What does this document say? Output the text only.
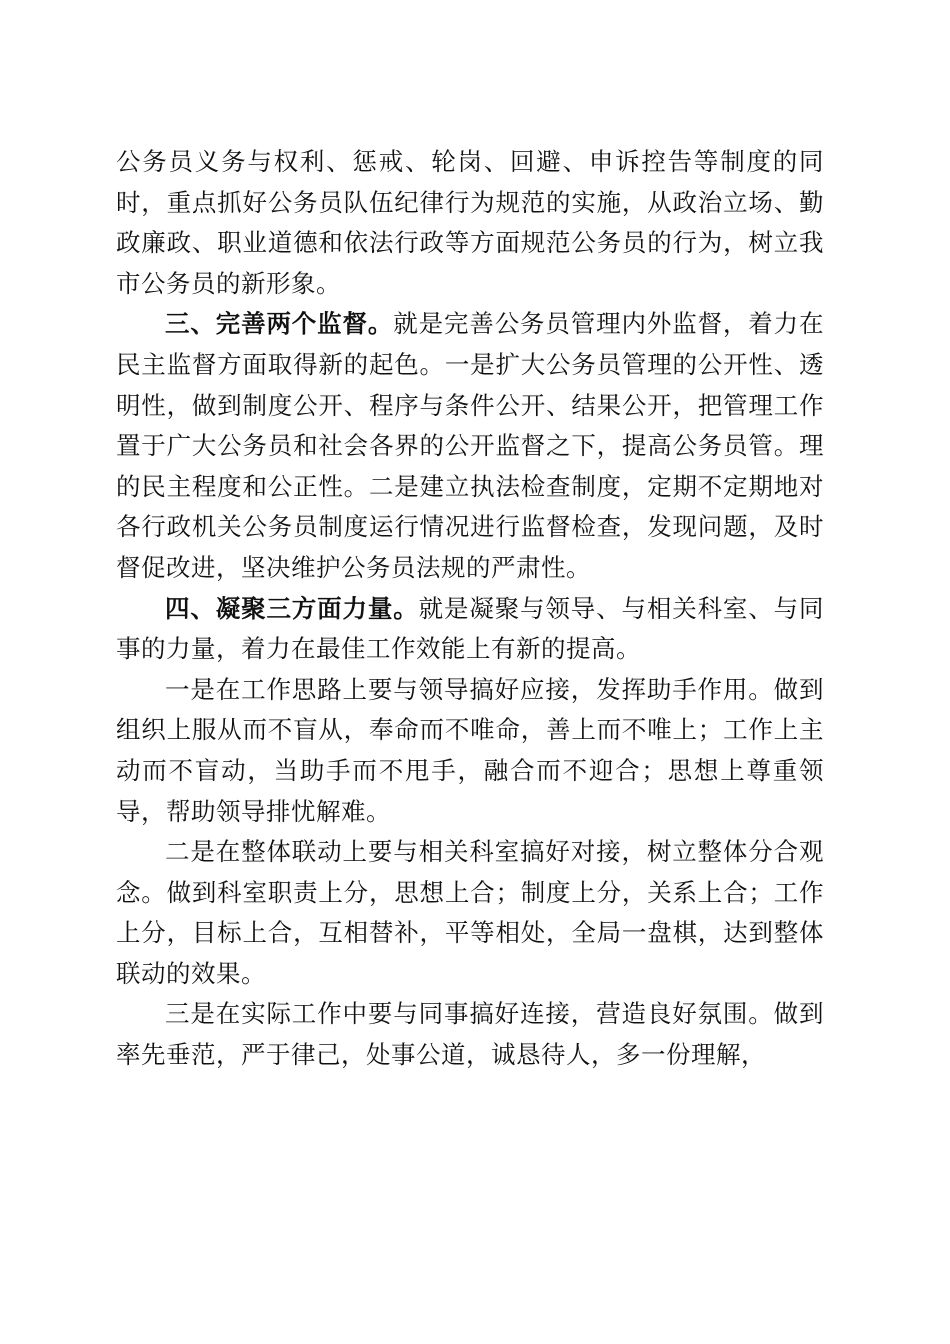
公务员义务与权利、惩戒、轮岗、回避、申诉控告等制度的同时，重点抓好公务员队伍纪律行为规范的实施，从政治立场、勤政廉政、职业道德和依法行政等方面规范公务员的行为，树立我市公务员的新形象。

三、完善两个监督。就是完善公务员管理内外监督，着力在民主监督方面取得新的起色。一是扩大公务员管理的公开性、透明性，做到制度公开、程序与条件公开、结果公开，把管理工作置于广大公务员和社会各界的公开监督之下，提高公务员管。理的民主程度和公正性。二是建立执法检查制度，定期不定期地对各行政机关公务员制度运行情况进行监督检查，发现问题，及时督促改进，坚决维护公务员法规的严肃性。

四、凝聚三方面力量。就是凝聚与领导、与相关科室、与同事的力量，着力在最佳工作效能上有新的提高。

一是在工作思路上要与领导搞好应接，发挥助手作用。做到组织上服从而不盲从，奉命而不唯命，善上而不唯上；工作上主动而不盲动，当助手而不甩手，融合而不迎合；思想上尊重领导，帮助领导排忧解难。

二是在整体联动上要与相关科室搞好对接，树立整体分合观念。做到科室职责上分，思想上合；制度上分，关系上合；工作上分，目标上合，互相替补，平等相处，全局一盘棋，达到整体联动的效果。

三是在实际工作中要与同事搞好连接，营造良好氛围。做到率先垂范，严于律己，处事公道，诚恳待人，多一份理解，
